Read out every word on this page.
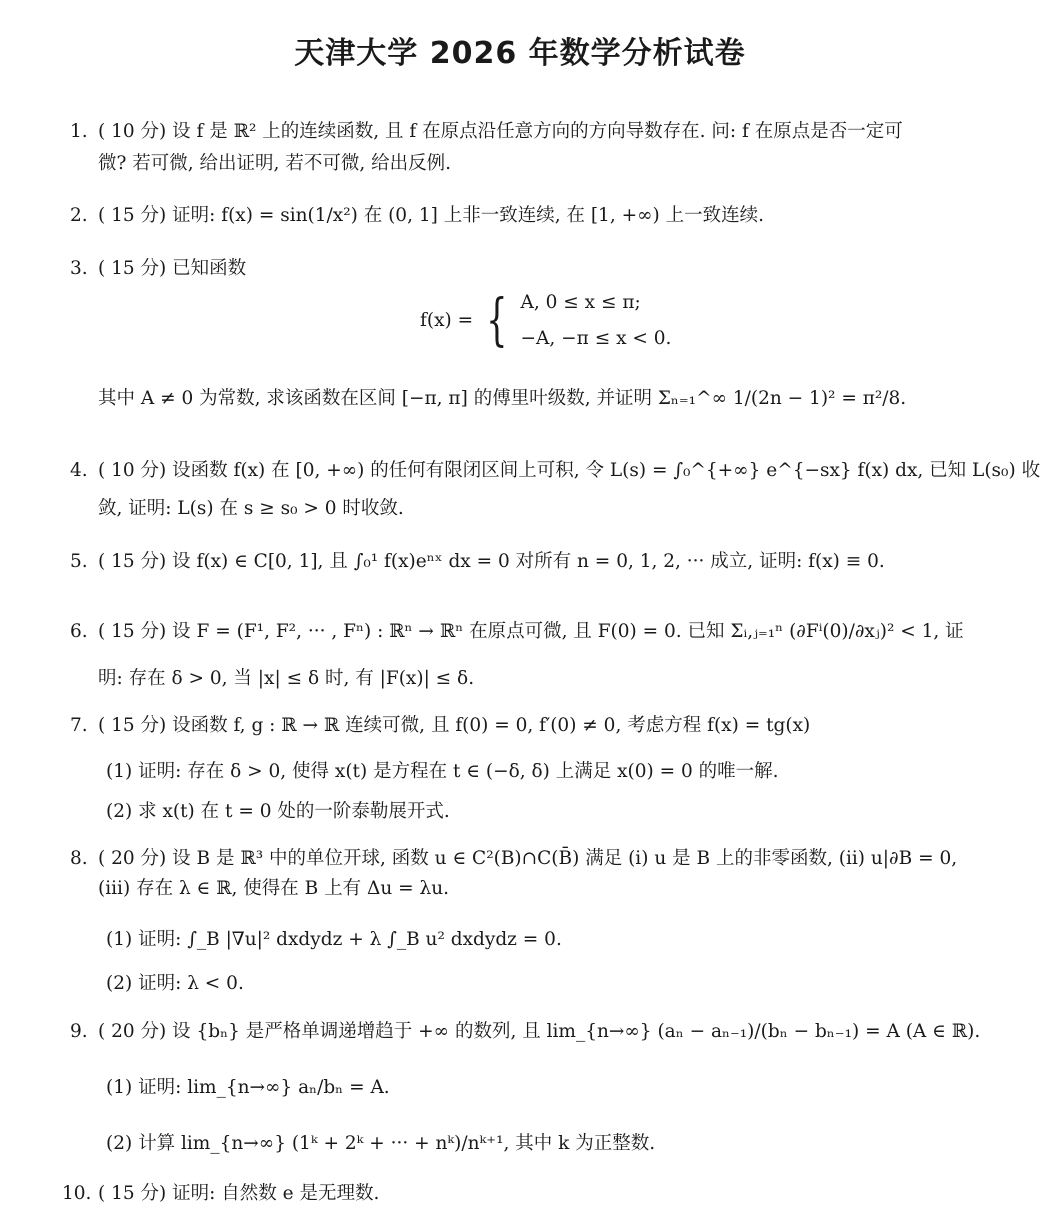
天津大学 2026 年数学分析试卷
1. ( 10 分) 设 f 是 ℝ² 上的连续函数, 且 f 在原点沿任意方向的方向导数存在. 问: f 在原点是否一定可
微? 若可微, 给出证明, 若不可微, 给出反例.
2. ( 15 分) 证明: f(x) = sin(1/x²) 在 (0, 1] 上非一致连续, 在 [1, +∞) 上一致连续.
3. ( 15 分) 已知函数
f(x) = { A, 0 ≤ x ≤ π;
−A, −π ≤ x < 0.
其中 A ≠ 0 为常数, 求该函数在区间 [−π, π] 的傅里叶级数, 并证明 Σₙ₌₁^∞ 1/(2n − 1)² = π²/8.
4. ( 10 分) 设函数 f(x) 在 [0, +∞) 的任何有限闭区间上可积, 令 L(s) = ∫₀^{+∞} e^{−sx} f(x) dx, 已知 L(s₀) 收
敛, 证明: L(s) 在 s ≥ s₀ > 0 时收敛.
5. ( 15 分) 设 f(x) ∈ C[0, 1], 且 ∫₀¹ f(x)eⁿˣ dx = 0 对所有 n = 0, 1, 2, ··· 成立, 证明: f(x) ≡ 0.
6. ( 15 分) 设 F = (F¹, F², ··· , Fⁿ) : ℝⁿ → ℝⁿ 在原点可微, 且 F(0) = 0. 已知 Σᵢ,ⱼ₌₁ⁿ (∂Fⁱ(0)/∂xⱼ)² < 1, 证
明: 存在 δ > 0, 当 |x| ≤ δ 时, 有 |F(x)| ≤ δ.
7. ( 15 分) 设函数 f, g : ℝ → ℝ 连续可微, 且 f(0) = 0, f′(0) ≠ 0, 考虑方程 f(x) = tg(x)
(1) 证明: 存在 δ > 0, 使得 x(t) 是方程在 t ∈ (−δ, δ) 上满足 x(0) = 0 的唯一解.
(2) 求 x(t) 在 t = 0 处的一阶泰勒展开式.
8. ( 20 分) 设 B 是 ℝ³ 中的单位开球, 函数 u ∈ C²(B)∩C(B̄) 满足 (i) u 是 B 上的非零函数, (ii) u|∂B = 0,
(iii) 存在 λ ∈ ℝ, 使得在 B 上有 Δu = λu.
(1) 证明: ∫_B |∇u|² dxdydz + λ ∫_B u² dxdydz = 0.
(2) 证明: λ < 0.
9. ( 20 分) 设 {bₙ} 是严格单调递增趋于 +∞ 的数列, 且 lim_{n→∞} (aₙ − aₙ₋₁)/(bₙ − bₙ₋₁) = A (A ∈ ℝ).
(1) 证明: lim_{n→∞} aₙ/bₙ = A.
(2) 计算 lim_{n→∞} (1ᵏ + 2ᵏ + ··· + nᵏ)/nᵏ⁺¹, 其中 k 为正整数.
10. ( 15 分) 证明: 自然数 e 是无理数.
